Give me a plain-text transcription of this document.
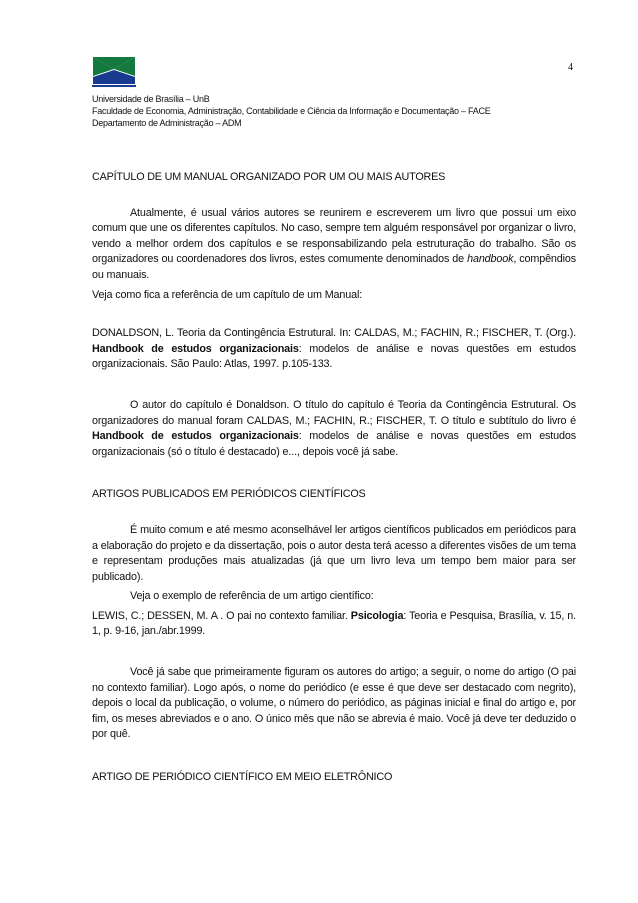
4
Universidade de Brasília – UnB
Faculdade de Economia, Administração, Contabilidade e Ciência da Informação e Documentação – FACE
Departamento de Administração – ADM
CAPÍTULO DE UM MANUAL ORGANIZADO POR UM OU MAIS AUTORES

Atualmente, é usual vários autores se reunirem e escreverem um livro que possui um eixo comum que une os diferentes capítulos. No caso, sempre tem alguém responsável por organizar o livro, vendo a melhor ordem dos capítulos e se responsabilizando pela estruturação do trabalho. São os organizadores ou coordenadores dos livros, estes comumente denominados de handbook, compêndios ou manuais.

Veja como fica a referência de um capítulo de um Manual:

DONALDSON, L. Teoria da Contingência Estrutural. In: CALDAS, M.; FACHIN, R.; FISCHER, T. (Org.). Handbook de estudos organizacionais: modelos de análise e novas questões em estudos organizacionais. São Paulo: Atlas, 1997. p.105-133.

O autor do capítulo é Donaldson. O título do capítulo é Teoria da Contingência Estrutural. Os organizadores do manual foram CALDAS, M.; FACHIN, R.; FISCHER, T. O título e subtítulo do livro é Handbook de estudos organizacionais: modelos de análise e novas questões em estudos organizacionais (só o título é destacado) e..., depois você já sabe.

ARTIGOS PUBLICADOS EM PERIÓDICOS CIENTÍFICOS

É muito comum e até mesmo aconselhável ler artigos científicos publicados em periódicos para a elaboração do projeto e da dissertação, pois o autor desta terá acesso a diferentes visões de um tema e representam produções mais atualizadas (já que um livro leva um tempo bem maior para ser publicado).

Veja o exemplo de referência de um artigo científico:

LEWIS, C.; DESSEN, M. A . O pai no contexto familiar. Psicologia: Teoria e Pesquisa, Brasília, v. 15, n. 1, p. 9-16, jan./abr.1999.

Você já sabe que primeiramente figuram os autores do artigo; a seguir, o nome do artigo (O pai no contexto familiar). Logo após, o nome do periódico (e esse é que deve ser destacado com negrito), depois o local da publicação, o volume, o número do periódico, as páginas inicial e final do artigo e, por fim, os meses abreviados e o ano. O único mês que não se abrevia é maio. Você já deve ter deduzido o por quê.

ARTIGO DE PERIÓDICO CIENTÍFICO EM MEIO ELETRÔNICO
